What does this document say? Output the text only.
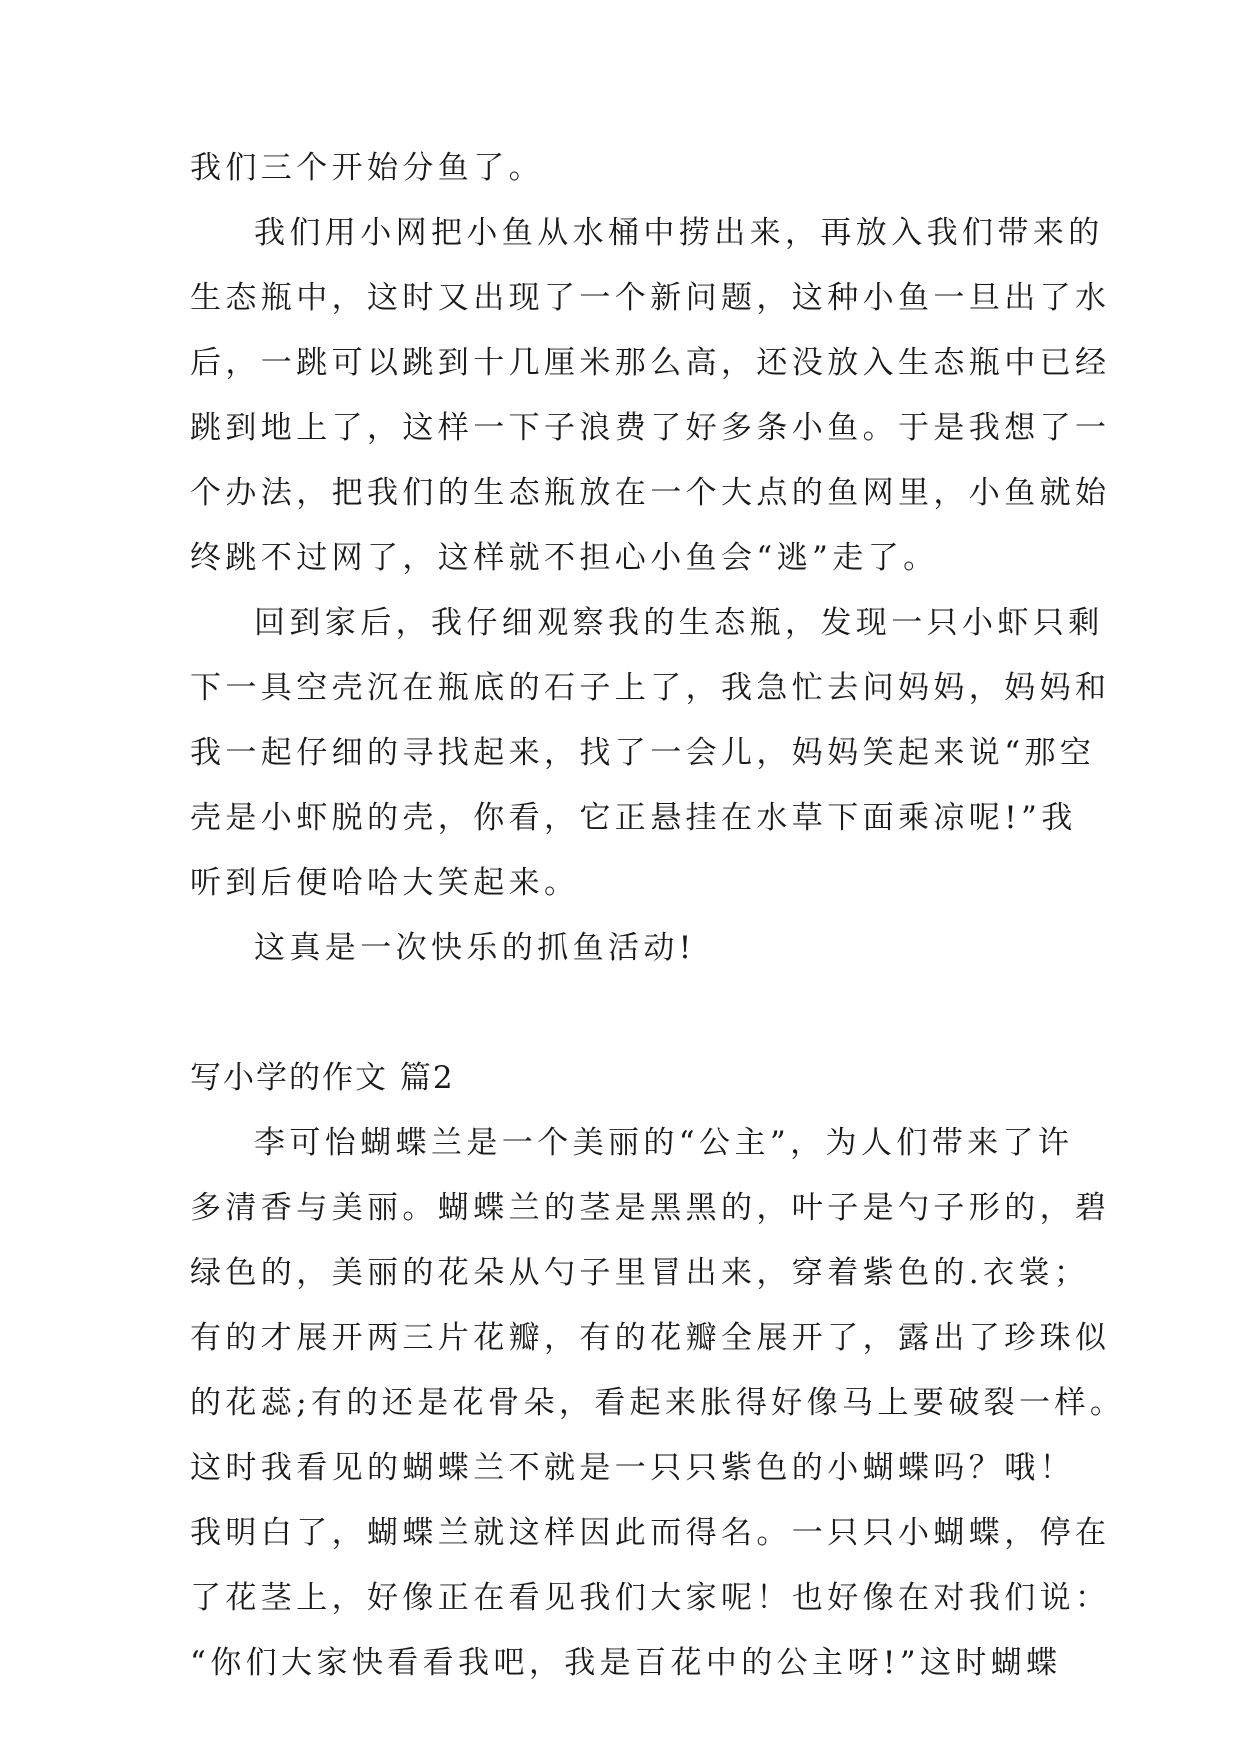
我们三个开始分鱼了。
我们用小网把小鱼从水桶中捞出来，再放入我们带来的
生态瓶中，这时又出现了一个新问题，这种小鱼一旦出了水
后，一跳可以跳到十几厘米那么高，还没放入生态瓶中已经
跳到地上了，这样一下子浪费了好多条小鱼。于是我想了一
个办法，把我们的生态瓶放在一个大点的鱼网里，小鱼就始
终跳不过网了，这样就不担心小鱼会“逃”走了。
回到家后，我仔细观察我的生态瓶，发现一只小虾只剩
下一具空壳沉在瓶底的石子上了，我急忙去问妈妈，妈妈和
我一起仔细的寻找起来，找了一会儿，妈妈笑起来说“那空
壳是小虾脱的壳，你看，它正悬挂在水草下面乘凉呢!”我
听到后便哈哈大笑起来。
这真是一次快乐的抓鱼活动!
写小学的作文 篇2
李可怡蝴蝶兰是一个美丽的“公主”，为人们带来了许
多清香与美丽。蝴蝶兰的茎是黑黑的，叶子是勺子形的，碧
绿色的，美丽的花朵从勺子里冒出来，穿着紫色的.衣裳；
有的才展开两三片花瓣，有的花瓣全展开了，露出了珍珠似
的花蕊;有的还是花骨朵，看起来胀得好像马上要破裂一样。
这时我看见的蝴蝶兰不就是一只只紫色的小蝴蝶吗？哦！
我明白了，蝴蝶兰就这样因此而得名。一只只小蝴蝶，停在
了花茎上，好像正在看见我们大家呢！也好像在对我们说：
“你们大家快看看我吧，我是百花中的公主呀!”这时蝴蝶
